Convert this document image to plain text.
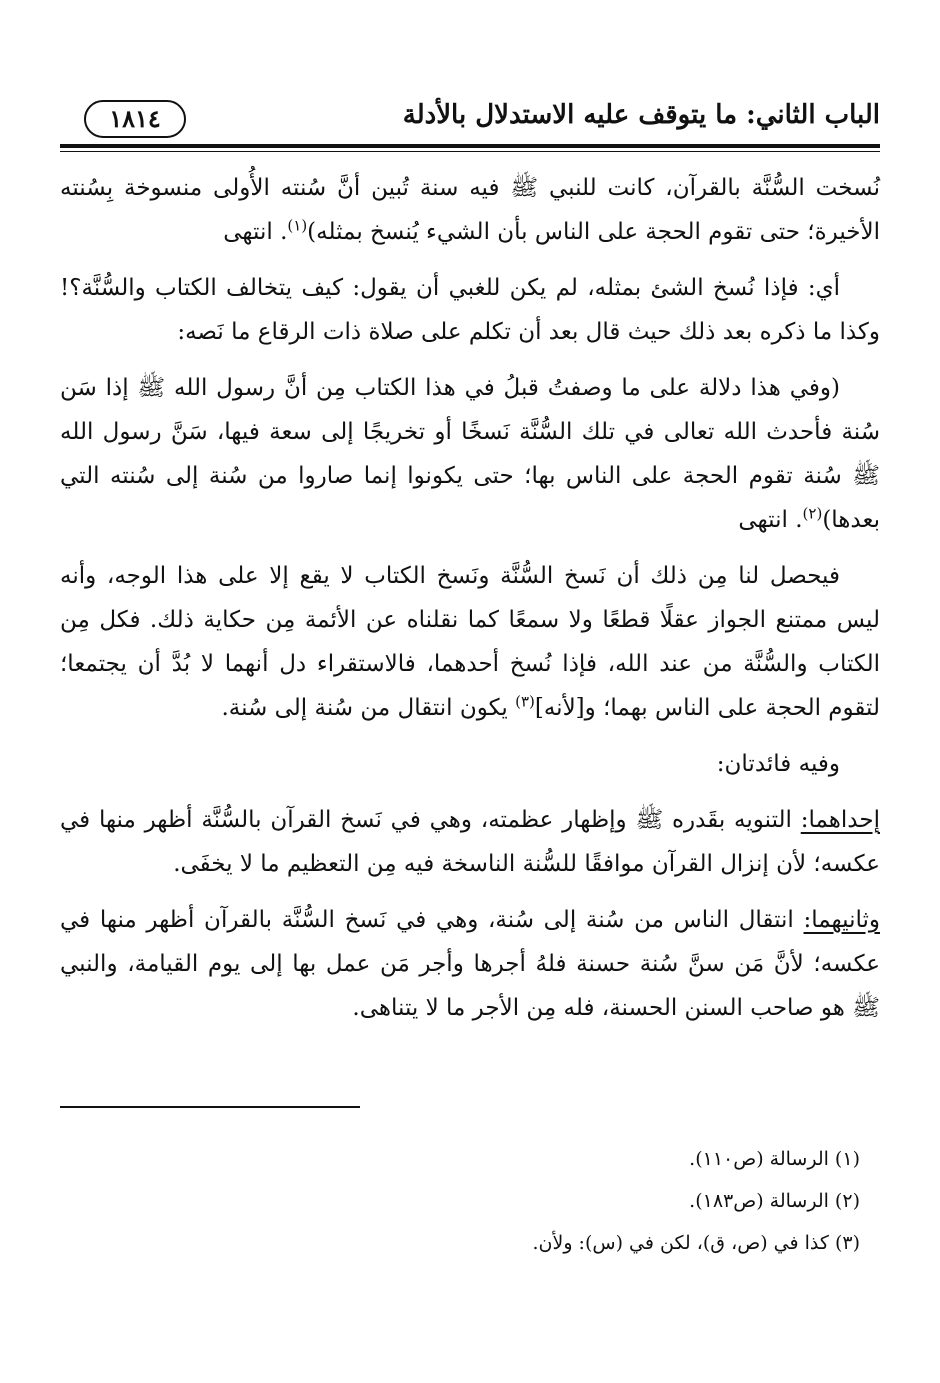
الباب الثاني: ما يتوقف عليه الاستدلال بالأدلة
١٨١٤

نُسخت السُّنَّة بالقرآن، كانت للنبي ﷺ فيه سنة تُبين أنَّ سُنته الأُولى منسوخة بِسُنته الأخيرة؛ حتى تقوم الحجة على الناس بأن الشيء يُنسخ بمثله)$^{(١)}$. انتهى

أي: فإذا نُسخ الشئ بمثله، لم يكن للغبي أن يقول: كيف يتخالف الكتاب والسُّنَّة؟! وكذا ما ذكره بعد ذلك حيث قال بعد أن تكلم على صلاة ذات الرقاع ما نَصه:

(وفي هذا دلالة على ما وصفتُ قبلُ في هذا الكتاب مِن أنَّ رسول الله ﷺ إذا سَن سُنة فأحدث الله تعالى في تلك السُّنَّة نَسخًا أو تخريجًا إلى سعة فيها، سَنَّ رسول الله ﷺ سُنة تقوم الحجة على الناس بها؛ حتى يكونوا إنما صاروا من سُنة إلى سُنته التي بعدها)$^{(٢)}$. انتهى

فيحصل لنا مِن ذلك أن نَسخ السُّنَّة ونَسخ الكتاب لا يقع إلا على هذا الوجه، وأنه ليس ممتنع الجواز عقلًا قطعًا ولا سمعًا كما نقلناه عن الأئمة مِن حكاية ذلك. فكل مِن الكتاب والسُّنَّة من عند الله، فإذا نُسخ أحدهما، فالاستقراء دل أنهما لا بُدَّ أن يجتمعا؛ لتقوم الحجة على الناس بهما؛ و[لأنه]$^{(٣)}$ يكون انتقال من سُنة إلى سُنة.

وفيه فائدتان:

إحداهما: التنويه بقَدره ﷺ وإظهار عظمته، وهي في نَسخ القرآن بالسُّنَّة أظهر منها في عكسه؛ لأن إنزال القرآن موافقًا للسُّنة الناسخة فيه مِن التعظيم ما لا يخفَى.

وثانيهما: انتقال الناس من سُنة إلى سُنة، وهي في نَسخ السُّنَّة بالقرآن أظهر منها في عكسه؛ لأنَّ مَن سنَّ سُنة حسنة فلهُ أجرها وأجر مَن عمل بها إلى يوم القيامة، والنبي ﷺ هو صاحب السنن الحسنة، فله مِن الأجر ما لا يتناهى.

(١) الرسالة (ص١١٠).
(٢) الرسالة (ص١٨٣).
(٣) كذا في (ص، ق)، لكن في (س): ولأن.
